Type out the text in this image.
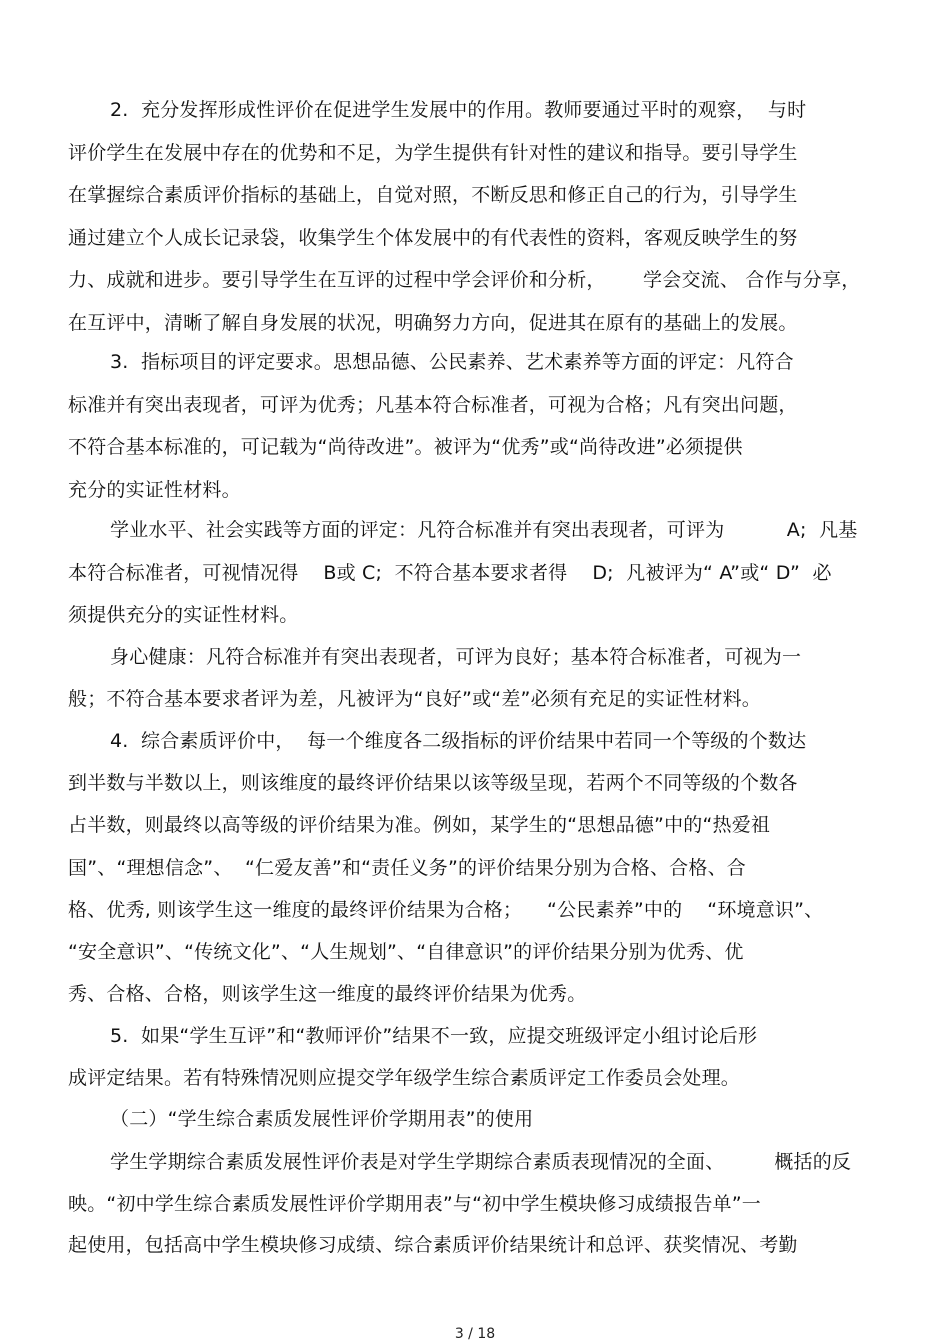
2.  充分发挥形成性评价在促进学生发展中的作用。教师要通过平时的观察，  与时
评价学生在发展中存在的优势和不足，为学生提供有针对性的建议和指导。要引导学生
在掌握综合素质评价指标的基础上，自觉对照，不断反思和修正自己的行为，引导学生
通过建立个人成长记录袋，收集学生个体发展中的有代表性的资料，客观反映学生的努
力、成就和进步。要引导学生在互评的过程中学会评价和分析，      学会交流、 合作与分享，
在互评中，清晰了解自身发展的状况，明确努力方向，促进其在原有的基础上的发展。
3.  指标项目的评定要求。思想品德、公民素养、艺术素养等方面的评定：凡符合
标准并有突出表现者，可评为优秀；凡基本符合标准者，可视为合格；凡有突出问题，
不符合基本标准的，可记载为“尚待改进”。被评为“优秀”或“尚待改进”必须提供
充分的实证性材料。
学业水平、社会实践等方面的评定：凡符合标准并有突出表现者，可评为          A;  凡基
本符合标准者，可视情况得    B或 C;  不符合基本要求者得    D;  凡被评为“ A”或“ D”  必
须提供充分的实证性材料。
身心健康：凡符合标准并有突出表现者，可评为良好；基本符合标准者，可视为一
般；不符合基本要求者评为差，凡被评为“良好”或“差”必须有充足的实证性材料。
4.  综合素质评价中，  每一个维度各二级指标的评价结果中若同一个等级的个数达
到半数与半数以上，则该维度的最终评价结果以该等级呈现，若两个不同等级的个数各
占半数，则最终以高等级的评价结果为准。例如，某学生的“思想品德”中的“热爱祖
国”、“理想信念”、  “仁爱友善”和“责任义务”的评价结果分别为合格、合格、合
格、优秀, 则该学生这一维度的最终评价结果为合格；    “公民素养”中的    “环境意识”、
“安全意识”、“传统文化”、“人生规划”、“自律意识”的评价结果分别为优秀、优
秀、合格、合格，则该学生这一维度的最终评价结果为优秀。
5.  如果“学生互评”和“教师评价”结果不一致，应提交班级评定小组讨论后形
成评定结果。若有特殊情况则应提交学年级学生综合素质评定工作委员会处理。
（二）“学生综合素质发展性评价学期用表”的使用
学生学期综合素质发展性评价表是对学生学期综合素质表现情况的全面、        概括的反
映。“初中学生综合素质发展性评价学期用表”与“初中学生模块修习成绩报告单”一
起使用，包括高中学生模块修习成绩、综合素质评价结果统计和总评、获奖情况、考勤
3 / 18
